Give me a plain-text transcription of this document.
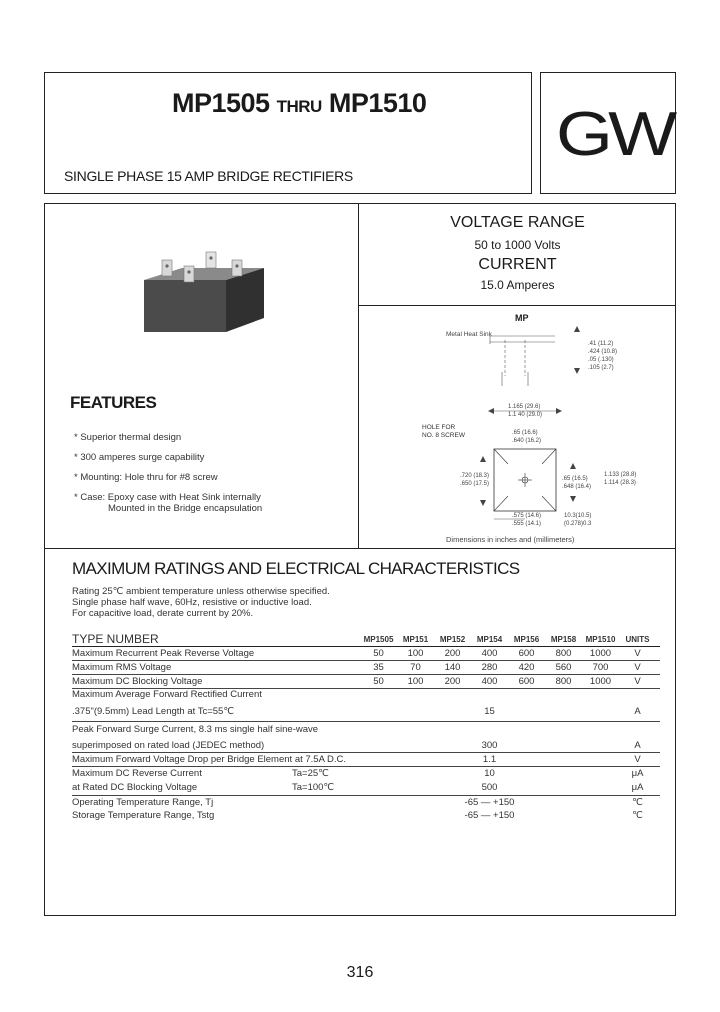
MP1505 THRU MP1510
SINGLE PHASE 15 AMP BRIDGE RECTIFIERS
GW
VOLTAGE RANGE
50 to 1000 Volts
CURRENT
15.0 Amperes
FEATURES
* Superior thermal design
* 300 amperes surge capability
* Mounting: Hole thru for #8 screw
* Case: Epoxy case with Heat Sink internally
Mounted in the Bridge encapsulation
MP
Metal Heat Sink
.41 (11.2)
.424 (10.8)
.05 (.130)
.105 (2.7)
1.165 (29.6)
1.1 40 (29.0)
HOLE FOR
NO. 8 SCREW	.65 (16.6)
.640 (16.2)
.720 (18.3)
.650 (17.5)
.65 (16.5)
.648 (16.4)
1.133 (28.8)
1.114 (28.3)
.575 (14.6)
.555 (14.1)
10.3(10.5)
(0.278)0.3
Dimensions in inches and (millimeters)
MAXIMUM RATINGS AND ELECTRICAL CHARACTERISTICS
Rating 25℃ ambient temperature unless otherwise specified.
Single phase half wave, 60Hz, resistive or inductive load.
For capacitive load, derate current by 20%.
TYPE NUMBER	MP1505	MP151	MP152	MP154	MP156	MP158	MP1510	UNITS
Maximum Recurrent Peak Reverse Voltage	50	100	200	400	600	800	1000	V
Maximum RMS Voltage	35	70	140	280	420	560	700	V
Maximum DC Blocking Voltage	50	100	200	400	600	800	1000	V
Maximum Average Forward Rectified Current
.375"(9.5mm) Lead Length at Tc=55℃	15	A
Peak Forward Surge Current, 8.3 ms single half sine-wave
superimposed on rated load (JEDEC method)	300	A
Maximum Forward Voltage Drop per Bridge Element at 7.5A D.C.	1.1	V
Maximum DC Reverse Current	Ta=25℃	10	μA
at Rated DC Blocking Voltage	Ta=100℃	500	μA
Operating Temperature Range, Tj	-65 — +150	℃
Storage Temperature Range, Tstg	-65 — +150	℃
316
